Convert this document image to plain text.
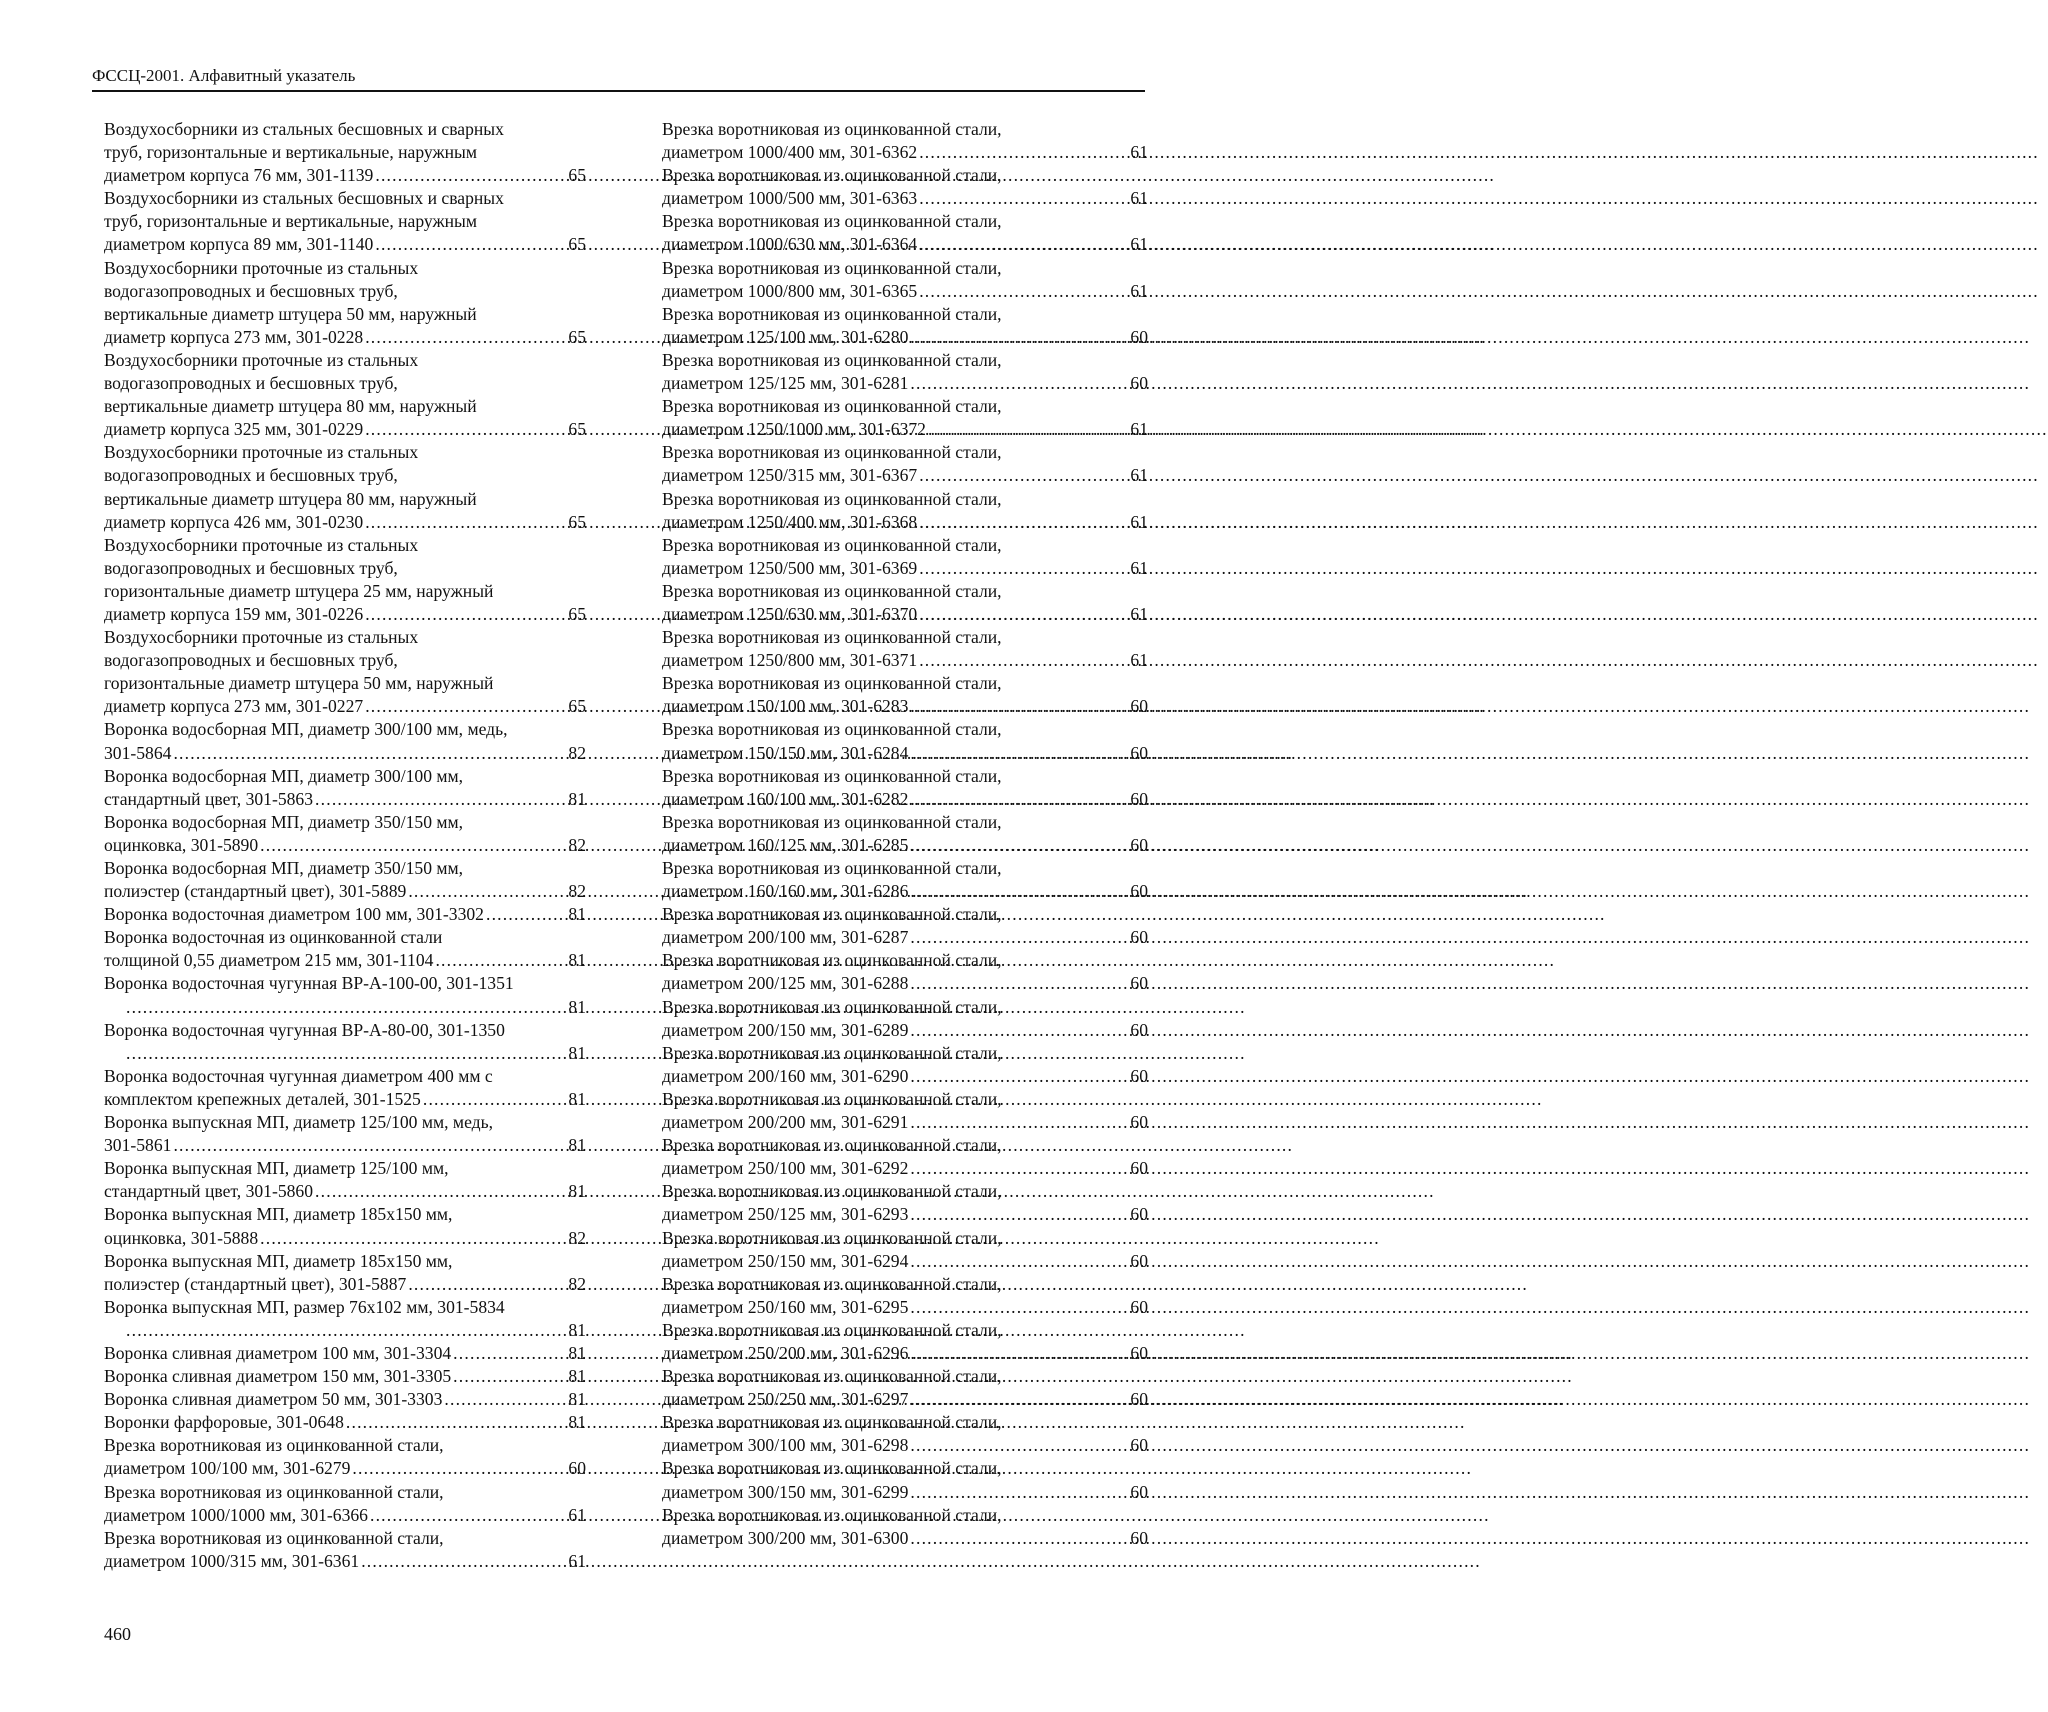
ФССЦ-2001. Алфавитный указатель
Воздухосборники из стальных бесшовных и сварных
труб, горизонтальные и вертикальные, наружным
диаметром корпуса 76 мм, 301-1139 .....	65
Воздухосборники из стальных бесшовных и сварных
труб, горизонтальные и вертикальные, наружным
диаметром корпуса 89 мм, 301-1140 .....	65
Воздухосборники проточные из стальных
водогазопроводных и бесшовных труб,
вертикальные диаметр штуцера 50 мм, наружный
диаметр корпуса 273 мм, 301-0228 .....	65
Воздухосборники проточные из стальных
водогазопроводных и бесшовных труб,
вертикальные диаметр штуцера 80 мм, наружный
диаметр корпуса 325 мм, 301-0229 .....	65
Воздухосборники проточные из стальных
водогазопроводных и бесшовных труб,
вертикальные диаметр штуцера 80 мм, наружный
диаметр корпуса 426 мм, 301-0230 .....	65
Воздухосборники проточные из стальных
водогазопроводных и бесшовных труб,
горизонтальные диаметр штуцера 25 мм, наружный
диаметр корпуса 159 мм, 301-0226 .....	65
Воздухосборники проточные из стальных
водогазопроводных и бесшовных труб,
горизонтальные диаметр штуцера 50 мм, наружный
диаметр корпуса 273 мм, 301-0227 .....	65
Воронка водосборная МП, диаметр 300/100 мм, медь,
301-5864 .....	82
Воронка водосборная МП, диаметр 300/100 мм,
стандартный цвет, 301-5863 .....	81
Воронка водосборная МП, диаметр 350/150 мм,
оцинковка, 301-5890 .....	82
Воронка водосборная МП, диаметр 350/150 мм,
полиэстер (стандартный цвет), 301-5889 .....	82
Воронка водосточная диаметром 100 мм, 301-3302 .....	81
Воронка водосточная из оцинкованной стали
толщиной 0,55 диаметром 215 мм, 301-1104 .....	81
Воронка водосточная чугунная ВР-А-100-00, 301-1351
.....
81
Воронка водосточная чугунная ВР-А-80-00, 301-1350
.....
81
Воронка водосточная чугунная диаметром 400 мм с
комплектом крепежных деталей, 301-1525 .....	81
Воронка выпускная МП, диаметр 125/100 мм, медь,
301-5861 .....	81
Воронка выпускная МП, диаметр 125/100 мм,
стандартный цвет, 301-5860 .....	81
Воронка выпускная МП, диаметр 185х150 мм,
оцинковка, 301-5888 .....	82
Воронка выпускная МП, диаметр 185х150 мм,
полиэстер (стандартный цвет), 301-5887 .....	82
Воронка выпускная МП, размер 76х102 мм, 301-5834
.....
81
Воронка сливная диаметром 100 мм, 301-3304 .....	81
Воронка сливная диаметром 150 мм, 301-3305 .....	81
Воронка сливная диаметром 50 мм, 301-3303 .....	81
Воронки фарфоровые, 301-0648 .....	81
Врезка воротниковая из оцинкованной стали,
диаметром 100/100 мм, 301-6279 .....	60
Врезка воротниковая из оцинкованной стали,
диаметром 1000/1000 мм, 301-6366 .....	61
Врезка воротниковая из оцинкованной стали,
диаметром 1000/315 мм, 301-6361 .....	61
Врезка воротниковая из оцинкованной стали,
диаметром 1000/400 мм, 301-6362 .....	61
Врезка воротниковая из оцинкованной стали,
диаметром 1000/500 мм, 301-6363 .....	61
Врезка воротниковая из оцинкованной стали,
диаметром 1000/630 мм, 301-6364 .....	61
Врезка воротниковая из оцинкованной стали,
диаметром 1000/800 мм, 301-6365 .....	61
Врезка воротниковая из оцинкованной стали,
диаметром 125/100 мм, 301-6280 .....	60
Врезка воротниковая из оцинкованной стали,
диаметром 125/125 мм, 301-6281 .....	60
Врезка воротниковая из оцинкованной стали,
диаметром 1250/1000 мм, 301-6372 .....	61
Врезка воротниковая из оцинкованной стали,
диаметром 1250/315 мм, 301-6367 .....	61
Врезка воротниковая из оцинкованной стали,
диаметром 1250/400 мм, 301-6368 .....	61
Врезка воротниковая из оцинкованной стали,
диаметром 1250/500 мм, 301-6369 .....	61
Врезка воротниковая из оцинкованной стали,
диаметром 1250/630 мм, 301-6370 .....	61
Врезка воротниковая из оцинкованной стали,
диаметром 1250/800 мм, 301-6371 .....	61
Врезка воротниковая из оцинкованной стали,
диаметром 150/100 мм, 301-6283 .....	60
Врезка воротниковая из оцинкованной стали,
диаметром 150/150 мм, 301-6284 .....	60
Врезка воротниковая из оцинкованной стали,
диаметром 160/100 мм, 301-6282 .....	60
Врезка воротниковая из оцинкованной стали,
диаметром 160/125 мм, 301-6285 .....	60
Врезка воротниковая из оцинкованной стали,
диаметром 160/160 мм, 301-6286 .....	60
Врезка воротниковая из оцинкованной стали,
диаметром 200/100 мм, 301-6287 .....	60
Врезка воротниковая из оцинкованной стали,
диаметром 200/125 мм, 301-6288 .....	60
Врезка воротниковая из оцинкованной стали,
диаметром 200/150 мм, 301-6289 .....	60
Врезка воротниковая из оцинкованной стали,
диаметром 200/160 мм, 301-6290 .....	60
Врезка воротниковая из оцинкованной стали,
диаметром 200/200 мм, 301-6291 .....	60
Врезка воротниковая из оцинкованной стали,
диаметром 250/100 мм, 301-6292 .....	60
Врезка воротниковая из оцинкованной стали,
диаметром 250/125 мм, 301-6293 .....	60
Врезка воротниковая из оцинкованной стали,
диаметром 250/150 мм, 301-6294 .....	60
Врезка воротниковая из оцинкованной стали,
диаметром 250/160 мм, 301-6295 .....	60
Врезка воротниковая из оцинкованной стали,
диаметром 250/200 мм, 301-6296 .....	60
Врезка воротниковая из оцинкованной стали,
диаметром 250/250 мм, 301-6297 .....	60
Врезка воротниковая из оцинкованной стали,
диаметром 300/100 мм, 301-6298 .....	60
Врезка воротниковая из оцинкованной стали,
диаметром 300/150 мм, 301-6299 .....	60
Врезка воротниковая из оцинкованной стали,
диаметром 300/200 мм, 301-6300 .....	60
460
